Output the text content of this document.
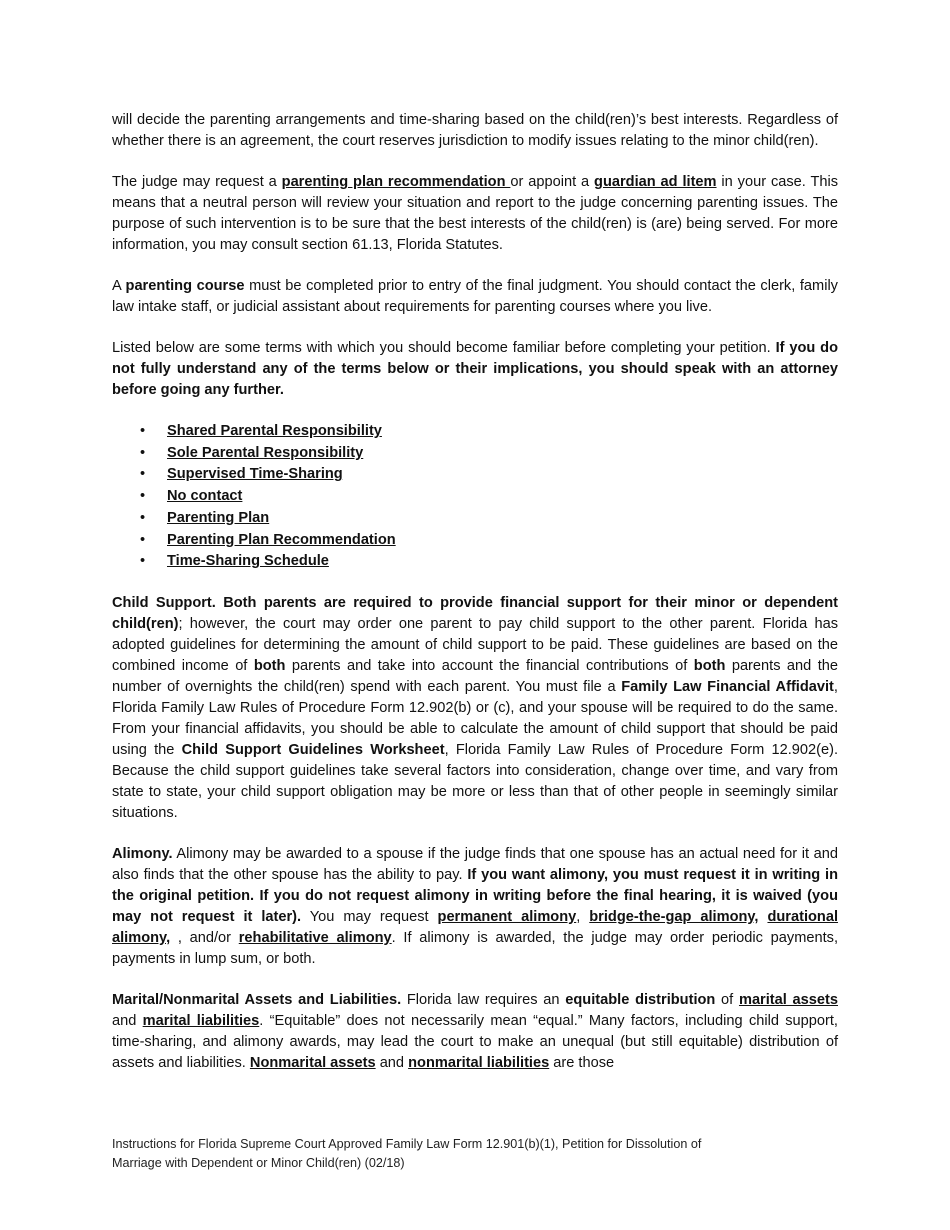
will decide the parenting arrangements and time-sharing based on the child(ren)’s best interests. Regardless of whether there is an agreement, the court reserves jurisdiction to modify issues relating to the minor child(ren).

The judge may request a parenting plan recommendation or appoint a guardian ad litem in your case. This means that a neutral person will review your situation and report to the judge concerning parenting issues. The purpose of such intervention is to be sure that the best interests of the child(ren) is (are) being served. For more information, you may consult section 61.13, Florida Statutes.

A parenting course must be completed prior to entry of the final judgment. You should contact the clerk, family law intake staff, or judicial assistant about requirements for parenting courses where you live.

Listed below are some terms with which you should become familiar before completing your petition. If you do not fully understand any of the terms below or their implications, you should speak with an attorney before going any further.

• Shared Parental Responsibility
• Sole Parental Responsibility
• Supervised Time-Sharing
• No contact
• Parenting Plan
• Parenting Plan Recommendation
• Time-Sharing Schedule

Child Support. Both parents are required to provide financial support for their minor or dependent child(ren); however, the court may order one parent to pay child support to the other parent. Florida has adopted guidelines for determining the amount of child support to be paid. These guidelines are based on the combined income of both parents and take into account the financial contributions of both parents and the number of overnights the child(ren) spend with each parent. You must file a Family Law Financial Affidavit, Florida Family Law Rules of Procedure Form 12.902(b) or (c), and your spouse will be required to do the same. From your financial affidavits, you should be able to calculate the amount of child support that should be paid using the Child Support Guidelines Worksheet, Florida Family Law Rules of Procedure Form 12.902(e). Because the child support guidelines take several factors into consideration, change over time, and vary from state to state, your child support obligation may be more or less than that of other people in seemingly similar situations.

Alimony. Alimony may be awarded to a spouse if the judge finds that one spouse has an actual need for it and also finds that the other spouse has the ability to pay. If you want alimony, you must request it in writing in the original petition. If you do not request alimony in writing before the final hearing, it is waived (you may not request it later). You may request permanent alimony, bridge-the-gap alimony, durational alimony, , and/or rehabilitative alimony. If alimony is awarded, the judge may order periodic payments, payments in lump sum, or both.

Marital/Nonmarital Assets and Liabilities. Florida law requires an equitable distribution of marital assets and marital liabilities. “Equitable” does not necessarily mean “equal.” Many factors, including child support, time-sharing, and alimony awards, may lead the court to make an unequal (but still equitable) distribution of assets and liabilities. Nonmarital assets and nonmarital liabilities are those

Instructions for Florida Supreme Court Approved Family Law Form 12.901(b)(1), Petition for Dissolution of
Marriage with Dependent or Minor Child(ren) (02/18)
